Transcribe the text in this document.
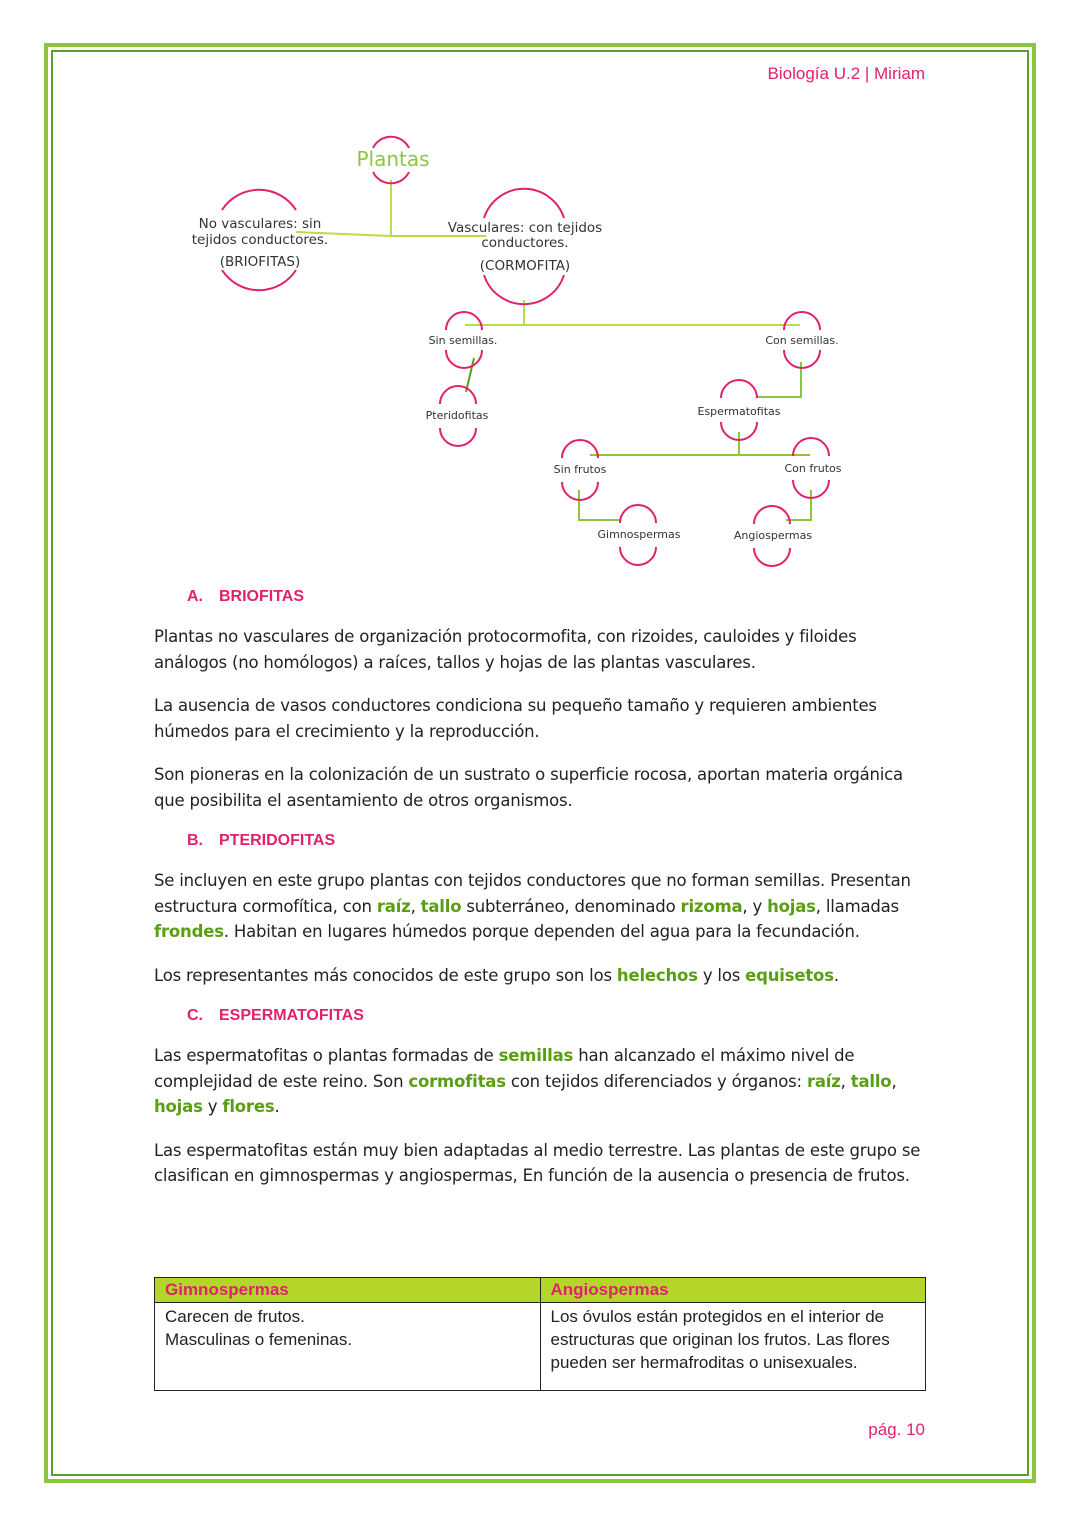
Biología U.2 | Miriam
Plantas
No vasculares: sin
tejidos conductores.
(BRIOFITAS)
Vasculares: con tejidos
conductores.
(CORMOFITA)
Sin semillas.	Con semillas.
Pteridofitas	Espermatofitas
Sin frutos	Con frutos
Gimnospermas	Angiospermas
A. BRIOFITAS

Plantas no vasculares de organización protocormofita, con rizoides, cauloides y filoides análogos (no homólogos) a raíces, tallos y hojas de las plantas vasculares.

La ausencia de vasos conductores condiciona su pequeño tamaño y requieren ambientes húmedos para el crecimiento y la reproducción.

Son pioneras en la colonización de un sustrato o superficie rocosa, aportan materia orgánica que posibilita el asentamiento de otros organismos.

B. PTERIDOFITAS

Se incluyen en este grupo plantas con tejidos conductores que no forman semillas. Presentan estructura cormofítica, con raíz, tallo subterráneo, denominado rizoma, y hojas, llamadas frondes. Habitan en lugares húmedos porque dependen del agua para la fecundación.

Los representantes más conocidos de este grupo son los helechos y los equisetos.

C. ESPERMATOFITAS

Las espermatofitas o plantas formadas de semillas han alcanzado el máximo nivel de complejidad de este reino. Son cormofitas con tejidos diferenciados y órganos: raíz, tallo, hojas y flores.

Las espermatofitas están muy bien adaptadas al medio terrestre. Las plantas de este grupo se clasifican en gimnospermas y angiospermas, En función de la ausencia o presencia de frutos.

Gimnospermas	Angiospermas

Carecen de frutos.
Masculinas o femeninas.	Los óvulos están protegidos en el interior de estructuras que originan los frutos. Las flores pueden ser hermafroditas o unisexuales.
pág. 10
